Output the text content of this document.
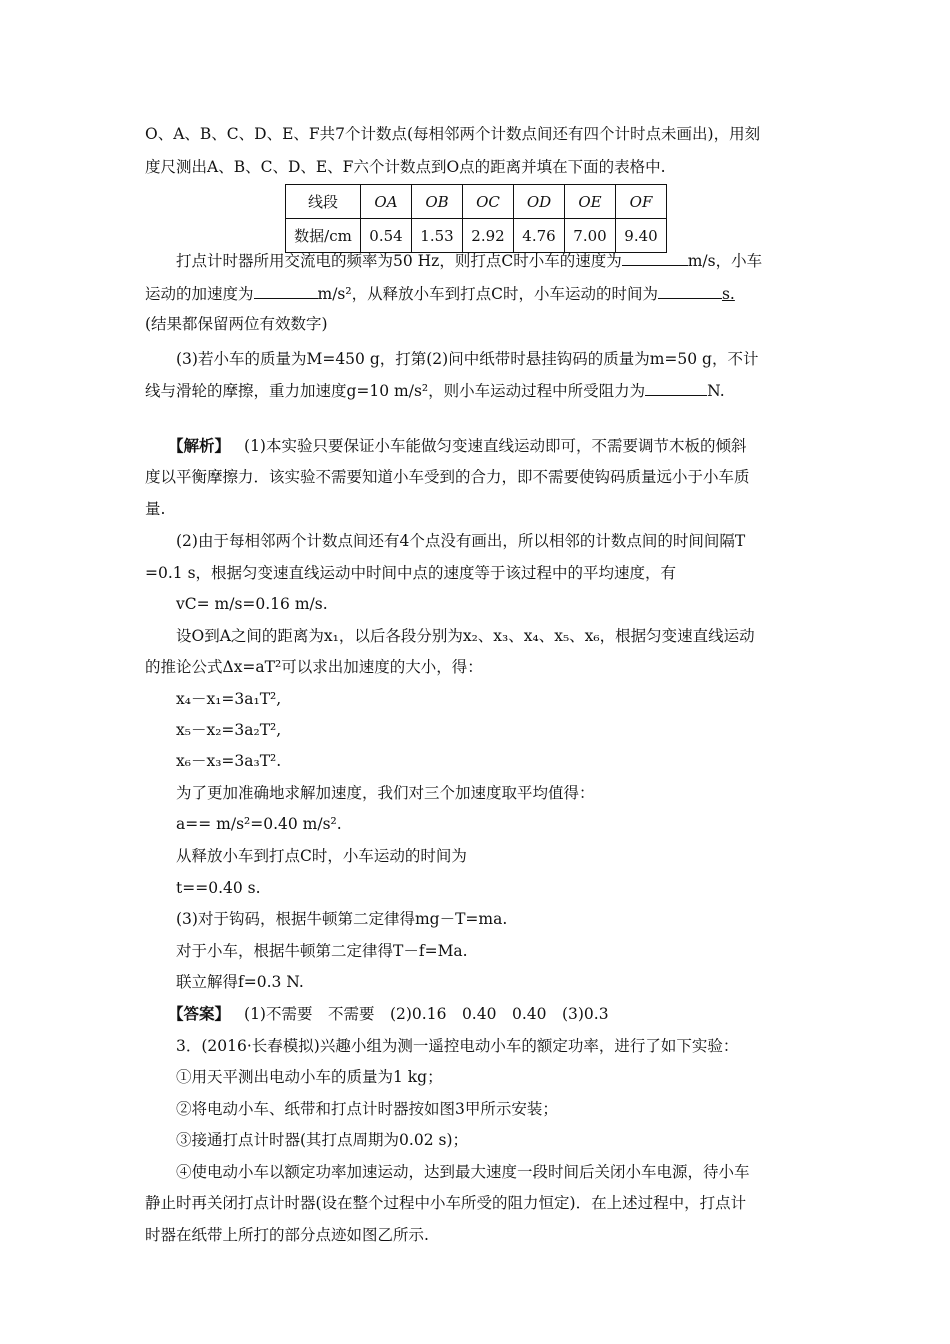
O、A、B、C、D、E、F共7个计数点(每相邻两个计数点间还有四个计时点未画出)，用刻
度尺测出A、B、C、D、E、F六个计数点到O点的距离并填在下面的表格中.
线段	OA	OB	OC	OD	OE	OF
数据/cm	0.54	1.53	2.92	4.76	7.00	9.40
打点计时器所用交流电的频率为50 Hz，则打点C时小车的速度为	m/s，小车
运动的加速度为	m/s²，从释放小车到打点C时，小车运动的时间为	s.
(结果都保留两位有效数字)
(3)若小车的质量为M=450 g，打第(2)问中纸带时悬挂钩码的质量为m=50 g，不计
线与滑轮的摩擦，重力加速度g=10 m/s²，则小车运动过程中所受阻力为	N.
【解析】 (1)本实验只要保证小车能做匀变速直线运动即可，不需要调节木板的倾斜
度以平衡摩擦力．该实验不需要知道小车受到的合力，即不需要使钩码质量远小于小车质
量.
(2)由于每相邻两个计数点间还有4个点没有画出，所以相邻的计数点间的时间间隔T
=0.1 s，根据匀变速直线运动中时间中点的速度等于该过程中的平均速度，有
vC= m/s=0.16 m/s.
设O到A之间的距离为x₁，以后各段分别为x₂、x₃、x₄、x₅、x₆，根据匀变速直线运动
的推论公式Δx=aT²可以求出加速度的大小，得：
x₄－x₁=3a₁T²,
x₅－x₂=3a₂T²,
x₆－x₃=3a₃T².
为了更加准确地求解加速度，我们对三个加速度取平均值得：
a== m/s²=0.40 m/s².
从释放小车到打点C时，小车运动的时间为
t==0.40 s.
(3)对于钩码，根据牛顿第二定律得mg－T=ma.
对于小车，根据牛顿第二定律得T－f=Ma.
联立解得f=0.3 N.
【答案】 (1)不需要　不需要　(2)0.16　0.40　0.40　(3)0.3
3．(2016·长春模拟)兴趣小组为测一遥控电动小车的额定功率，进行了如下实验：
①用天平测出电动小车的质量为1 kg；
②将电动小车、纸带和打点计时器按如图3甲所示安装；
③接通打点计时器(其打点周期为0.02 s)；
④使电动小车以额定功率加速运动，达到最大速度一段时间后关闭小车电源，待小车
静止时再关闭打点计时器(设在整个过程中小车所受的阻力恒定)．在上述过程中，打点计
时器在纸带上所打的部分点迹如图乙所示.
